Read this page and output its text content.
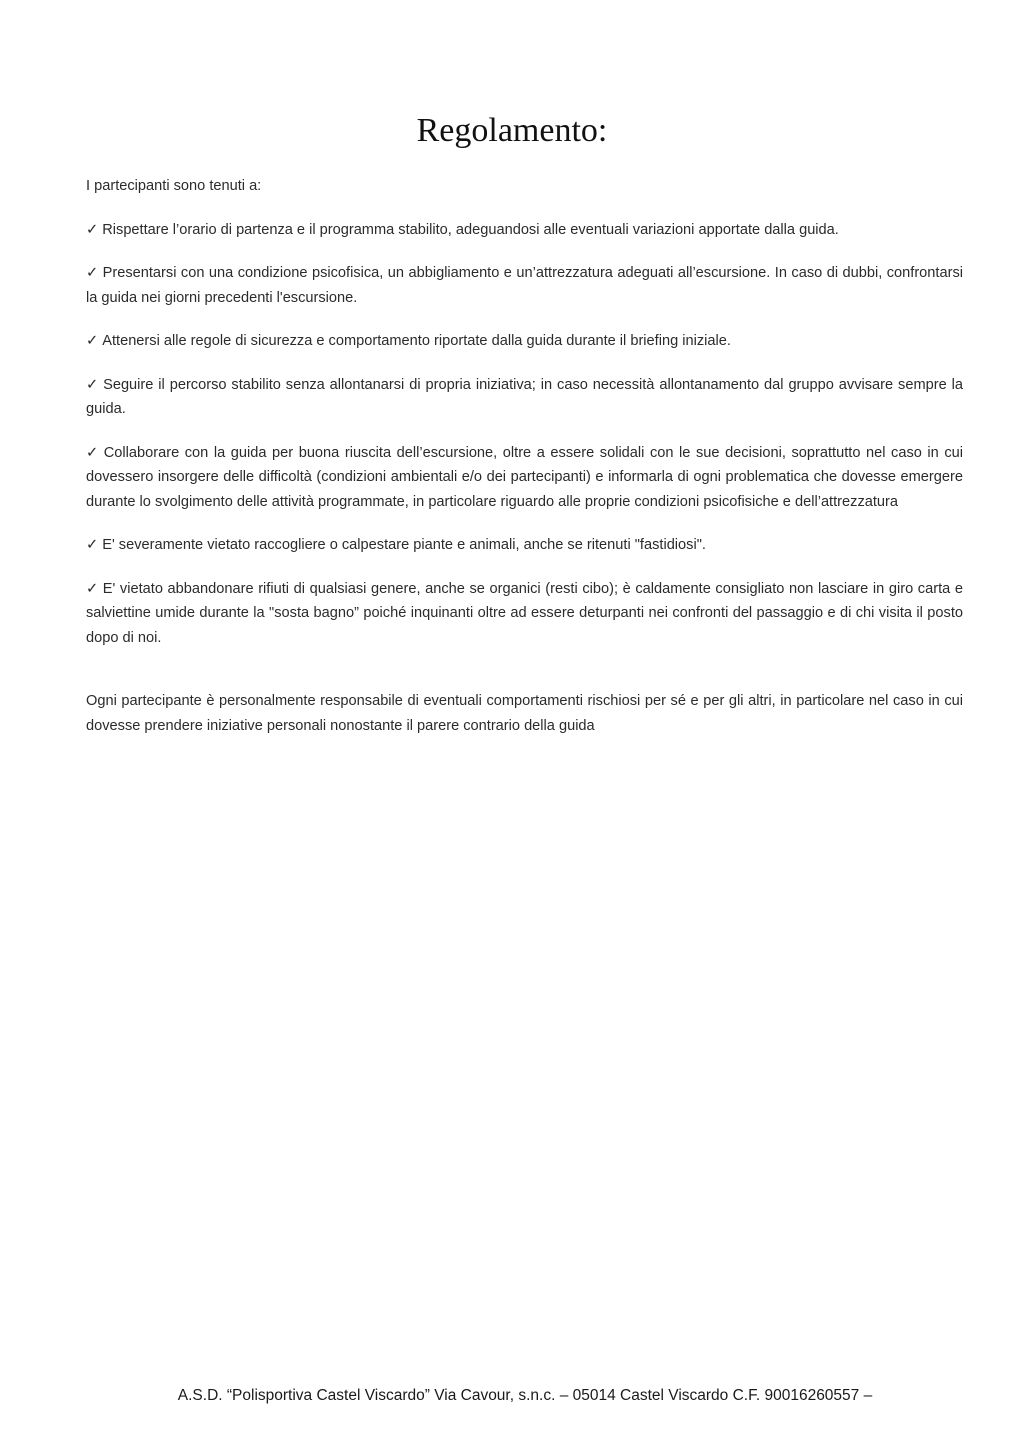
Regolamento:

I partecipanti sono tenuti a:

✓ Rispettare l’orario di partenza e il programma stabilito, adeguandosi alle eventuali variazioni apportate dalla guida.

✓ Presentarsi con una condizione psicofisica, un abbigliamento e un’attrezzatura adeguati all’escursione. In caso di dubbi, confrontarsi la guida nei giorni precedenti l'escursione.

✓ Attenersi alle regole di sicurezza e comportamento riportate dalla guida durante il briefing iniziale.

✓ Seguire il percorso stabilito senza allontanarsi di propria iniziativa; in caso necessità allontanamento dal gruppo avvisare sempre la guida.

✓ Collaborare con la guida per buona riuscita dell’escursione, oltre a essere solidali con le sue decisioni, soprattutto nel caso in cui dovessero insorgere delle difficoltà (condizioni ambientali e/o dei partecipanti) e informarla di ogni problematica che dovesse emergere durante lo svolgimento delle attività programmate, in particolare riguardo alle proprie condizioni psicofisiche e dell’attrezzatura

✓ E' severamente vietato raccogliere o calpestare piante e animali, anche se ritenuti "fastidiosi".

✓ E' vietato abbandonare rifiuti di qualsiasi genere, anche se organici (resti cibo); è caldamente consigliato non lasciare in giro carta e salviettine umide durante la "sosta bagno” poiché inquinanti oltre ad essere deturpanti nei confronti del passaggio e di chi visita il posto dopo di noi.

Ogni partecipante è personalmente responsabile di eventuali comportamenti rischiosi per sé e per gli altri, in particolare nel caso in cui dovesse prendere iniziative personali nonostante il parere contrario della guida

A.S.D. “Polisportiva Castel Viscardo” Via Cavour, s.n.c. – 05014 Castel Viscardo C.F. 90016260557 –
